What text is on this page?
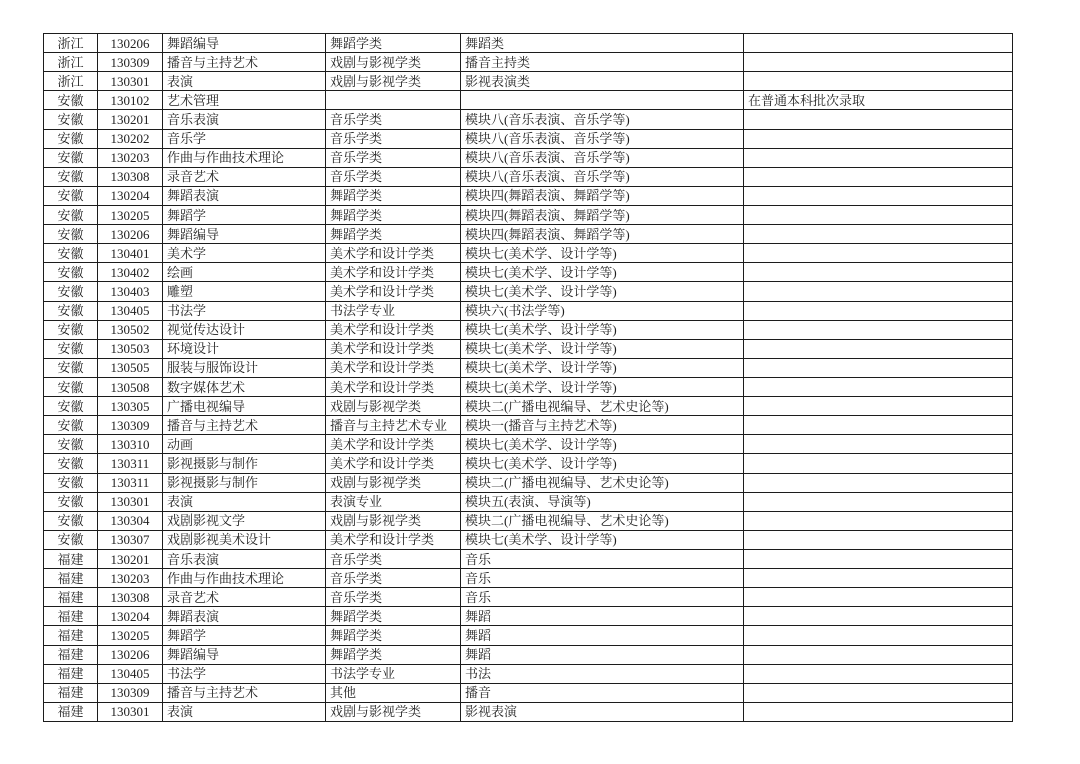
浙江	130206	舞蹈编导	舞蹈学类	舞蹈类	
浙江	130309	播音与主持艺术	戏剧与影视学类	播音主持类	
浙江	130301	表演	戏剧与影视学类	影视表演类	
安徽	130102	艺术管理			在普通本科批次录取
安徽	130201	音乐表演	音乐学类	模块八(音乐表演、音乐学等)	
安徽	130202	音乐学	音乐学类	模块八(音乐表演、音乐学等)	
安徽	130203	作曲与作曲技术理论	音乐学类	模块八(音乐表演、音乐学等)	
安徽	130308	录音艺术	音乐学类	模块八(音乐表演、音乐学等)	
安徽	130204	舞蹈表演	舞蹈学类	模块四(舞蹈表演、舞蹈学等)	
安徽	130205	舞蹈学	舞蹈学类	模块四(舞蹈表演、舞蹈学等)	
安徽	130206	舞蹈编导	舞蹈学类	模块四(舞蹈表演、舞蹈学等)	
安徽	130401	美术学	美术学和设计学类	模块七(美术学、设计学等)	
安徽	130402	绘画	美术学和设计学类	模块七(美术学、设计学等)	
安徽	130403	雕塑	美术学和设计学类	模块七(美术学、设计学等)	
安徽	130405	书法学	书法学专业	模块六(书法学等)	
安徽	130502	视觉传达设计	美术学和设计学类	模块七(美术学、设计学等)	
安徽	130503	环境设计	美术学和设计学类	模块七(美术学、设计学等)	
安徽	130505	服装与服饰设计	美术学和设计学类	模块七(美术学、设计学等)	
安徽	130508	数字媒体艺术	美术学和设计学类	模块七(美术学、设计学等)	
安徽	130305	广播电视编导	戏剧与影视学类	模块二(广播电视编导、艺术史论等)	
安徽	130309	播音与主持艺术	播音与主持艺术专业	模块一(播音与主持艺术等)	
安徽	130310	动画	美术学和设计学类	模块七(美术学、设计学等)	
安徽	130311	影视摄影与制作	美术学和设计学类	模块七(美术学、设计学等)	
安徽	130311	影视摄影与制作	戏剧与影视学类	模块二(广播电视编导、艺术史论等)	
安徽	130301	表演	表演专业	模块五(表演、导演等)	
安徽	130304	戏剧影视文学	戏剧与影视学类	模块二(广播电视编导、艺术史论等)	
安徽	130307	戏剧影视美术设计	美术学和设计学类	模块七(美术学、设计学等)	
福建	130201	音乐表演	音乐学类	音乐	
福建	130203	作曲与作曲技术理论	音乐学类	音乐	
福建	130308	录音艺术	音乐学类	音乐	
福建	130204	舞蹈表演	舞蹈学类	舞蹈	
福建	130205	舞蹈学	舞蹈学类	舞蹈	
福建	130206	舞蹈编导	舞蹈学类	舞蹈	
福建	130405	书法学	书法学专业	书法	
福建	130309	播音与主持艺术	其他	播音	
福建	130301	表演	戏剧与影视学类	影视表演	
